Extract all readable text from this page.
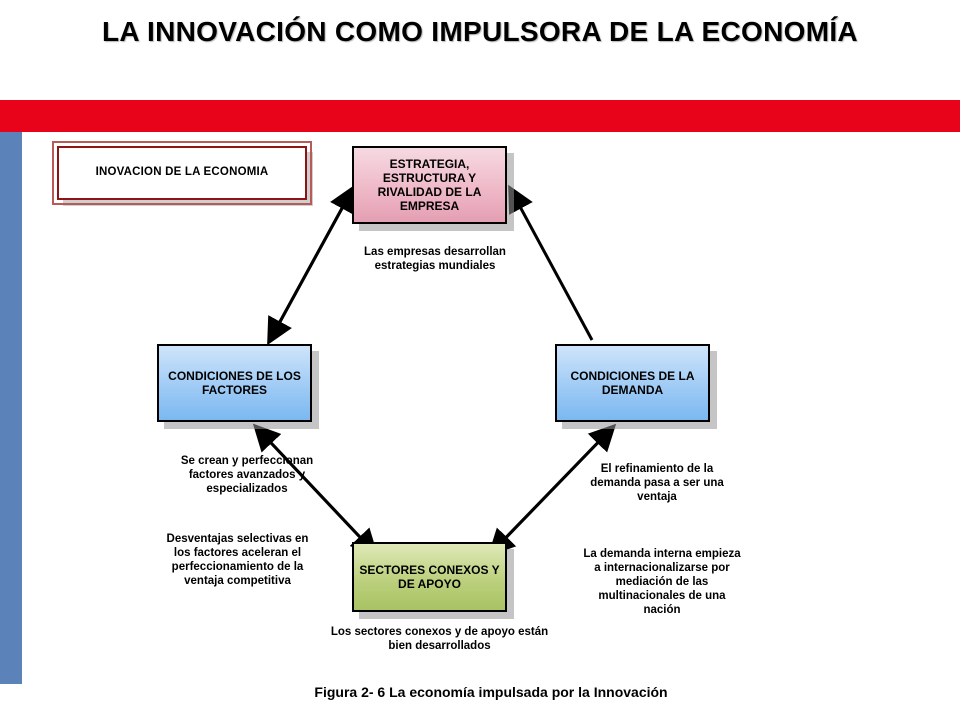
LA INNOVACIÓN COMO IMPULSORA DE LA ECONOMÍA
INOVACION DE LA ECONOMIA
ESTRATEGIA, ESTRUCTURA Y RIVALIDAD DE LA EMPRESA
CONDICIONES DE LOS FACTORES
CONDICIONES DE LA DEMANDA
SECTORES CONEXOS Y DE APOYO
Las empresas desarrollan estrategias mundiales
Se crean y perfeccionan factores avanzados y especializados
El refinamiento de la demanda pasa a ser una ventaja
Desventajas selectivas en los factores aceleran el perfeccionamiento de la ventaja competitiva
La demanda interna empieza a internacionalizarse por mediación de las multinacionales de una nación
Los sectores conexos y de apoyo están bien desarrollados
Figura 2- 6 La economía impulsada por la Innovación
